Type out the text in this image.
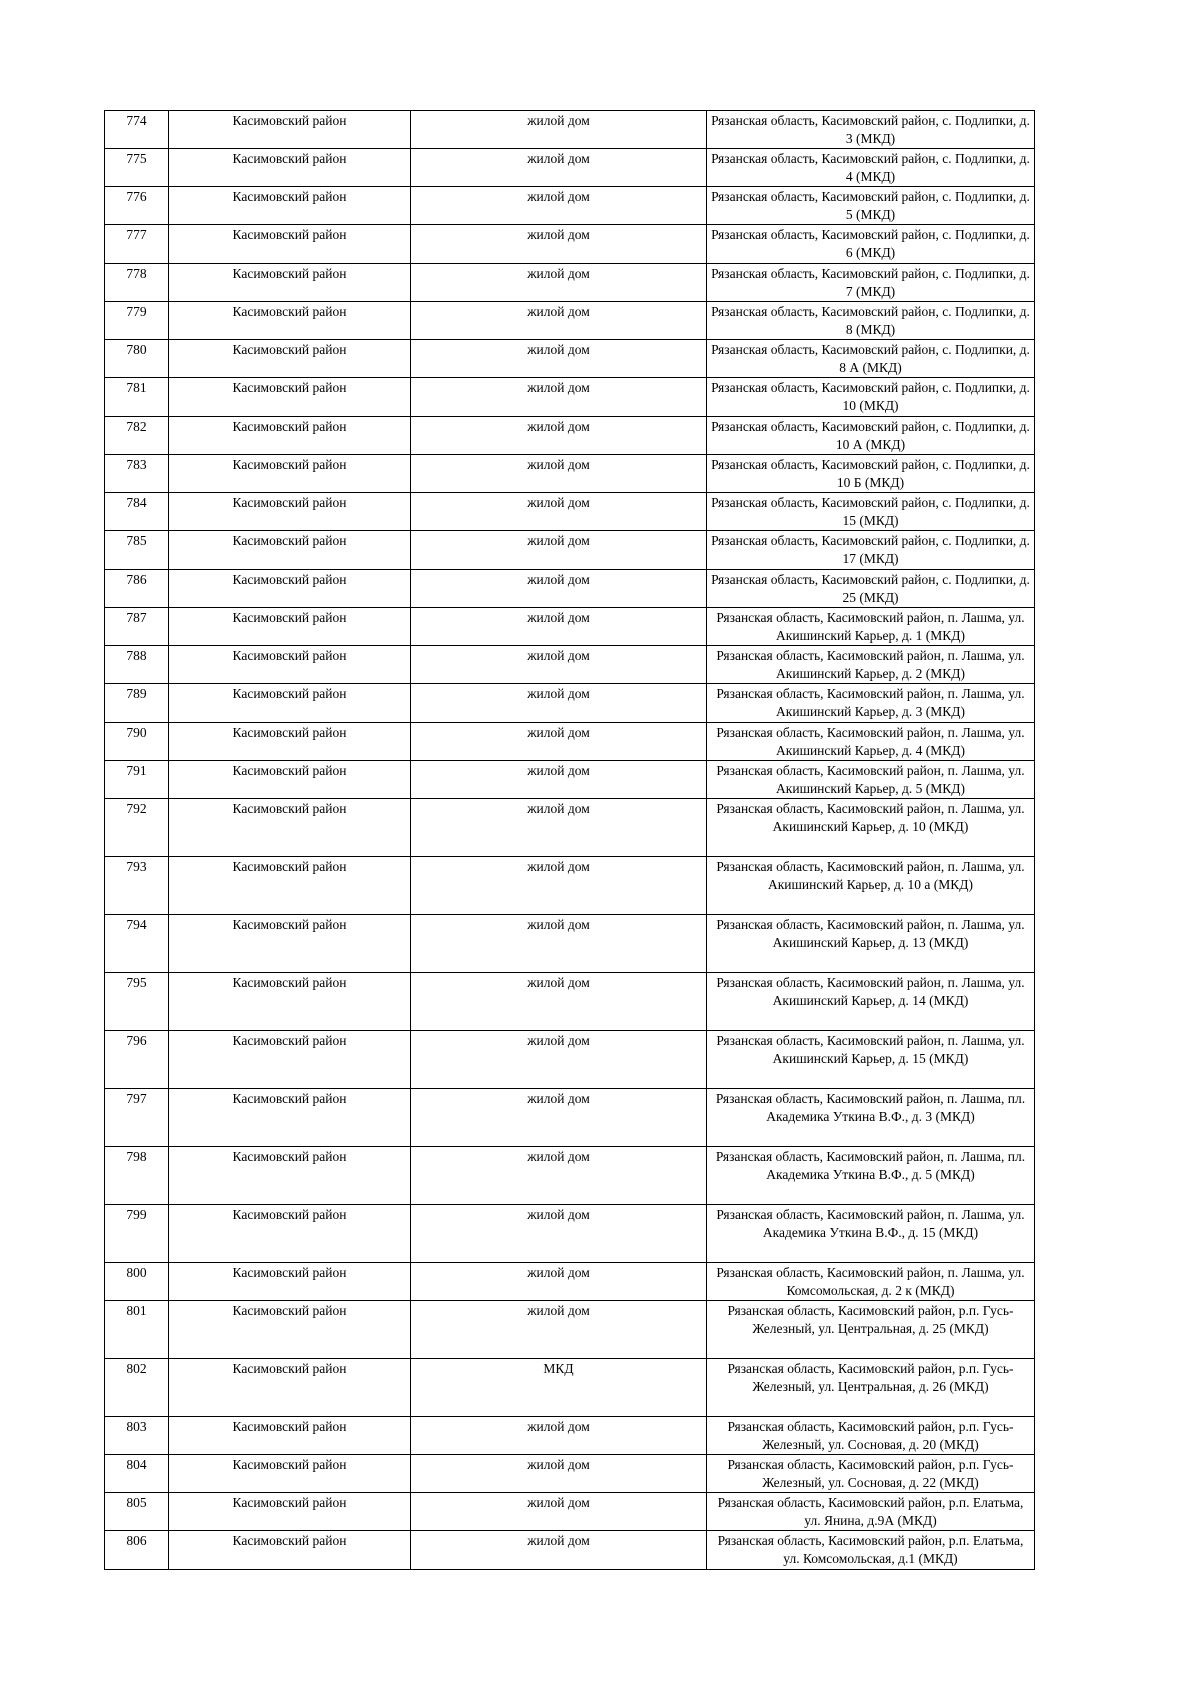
774	Касимовский район	жилой дом	Рязанская область, Касимовский район, с. Подлипки, д. 3 (МКД)
775	Касимовский район	жилой дом	Рязанская область, Касимовский район, с. Подлипки, д. 4 (МКД)
776	Касимовский район	жилой дом	Рязанская область, Касимовский район, с. Подлипки, д. 5 (МКД)
777	Касимовский район	жилой дом	Рязанская область, Касимовский район, с. Подлипки, д. 6 (МКД)
778	Касимовский район	жилой дом	Рязанская область, Касимовский район, с. Подлипки, д. 7 (МКД)
779	Касимовский район	жилой дом	Рязанская область, Касимовский район, с. Подлипки, д. 8 (МКД)
780	Касимовский район	жилой дом	Рязанская область, Касимовский район, с. Подлипки, д. 8 А (МКД)
781	Касимовский район	жилой дом	Рязанская область, Касимовский район, с. Подлипки, д. 10 (МКД)
782	Касимовский район	жилой дом	Рязанская область, Касимовский район, с. Подлипки, д. 10 А (МКД)
783	Касимовский район	жилой дом	Рязанская область, Касимовский район, с. Подлипки, д. 10 Б (МКД)
784	Касимовский район	жилой дом	Рязанская область, Касимовский район, с. Подлипки, д. 15 (МКД)
785	Касимовский район	жилой дом	Рязанская область, Касимовский район, с. Подлипки, д. 17 (МКД)
786	Касимовский район	жилой дом	Рязанская область, Касимовский район, с. Подлипки, д. 25 (МКД)
787	Касимовский район	жилой дом	Рязанская область, Касимовский район, п. Лашма, ул. Акишинский Карьер, д. 1 (МКД)
788	Касимовский район	жилой дом	Рязанская область, Касимовский район, п. Лашма, ул. Акишинский Карьер, д. 2 (МКД)
789	Касимовский район	жилой дом	Рязанская область, Касимовский район, п. Лашма, ул. Акишинский Карьер, д. 3 (МКД)
790	Касимовский район	жилой дом	Рязанская область, Касимовский район, п. Лашма, ул. Акишинский Карьер, д. 4 (МКД)
791	Касимовский район	жилой дом	Рязанская область, Касимовский район, п. Лашма, ул. Акишинский Карьер, д. 5 (МКД)
792	Касимовский район	жилой дом	Рязанская область, Касимовский район, п. Лашма, ул. Акишинский Карьер, д. 10 (МКД)
793	Касимовский район	жилой дом	Рязанская область, Касимовский район, п. Лашма, ул. Акишинский Карьер, д. 10 а (МКД)
794	Касимовский район	жилой дом	Рязанская область, Касимовский район, п. Лашма, ул. Акишинский Карьер, д. 13 (МКД)
795	Касимовский район	жилой дом	Рязанская область, Касимовский район, п. Лашма, ул. Акишинский Карьер, д. 14 (МКД)
796	Касимовский район	жилой дом	Рязанская область, Касимовский район, п. Лашма, ул. Акишинский Карьер, д. 15 (МКД)
797	Касимовский район	жилой дом	Рязанская область, Касимовский район, п. Лашма, пл. Академика Уткина В.Ф., д. 3 (МКД)
798	Касимовский район	жилой дом	Рязанская область, Касимовский район, п. Лашма, пл. Академика Уткина В.Ф., д. 5 (МКД)
799	Касимовский район	жилой дом	Рязанская область, Касимовский район, п. Лашма, ул. Академика Уткина В.Ф., д. 15 (МКД)
800	Касимовский район	жилой дом	Рязанская область, Касимовский район, п. Лашма, ул. Комсомольская, д. 2 к (МКД)
801	Касимовский район	жилой дом	Рязанская область, Касимовский район, р.п. Гусь-Железный, ул. Центральная, д. 25 (МКД)
802	Касимовский район	МКД	Рязанская область, Касимовский район, р.п. Гусь-Железный, ул. Центральная, д. 26 (МКД)
803	Касимовский район	жилой дом	Рязанская область, Касимовский район, р.п. Гусь-Железный, ул. Сосновая, д. 20 (МКД)
804	Касимовский район	жилой дом	Рязанская область, Касимовский район, р.п. Гусь-Железный, ул. Сосновая, д. 22 (МКД)
805	Касимовский район	жилой дом	Рязанская область, Касимовский район, р.п. Елатьма, ул. Янина, д.9А (МКД)
806	Касимовский район	жилой дом	Рязанская область, Касимовский район, р.п. Елатьма, ул. Комсомольская, д.1 (МКД)
